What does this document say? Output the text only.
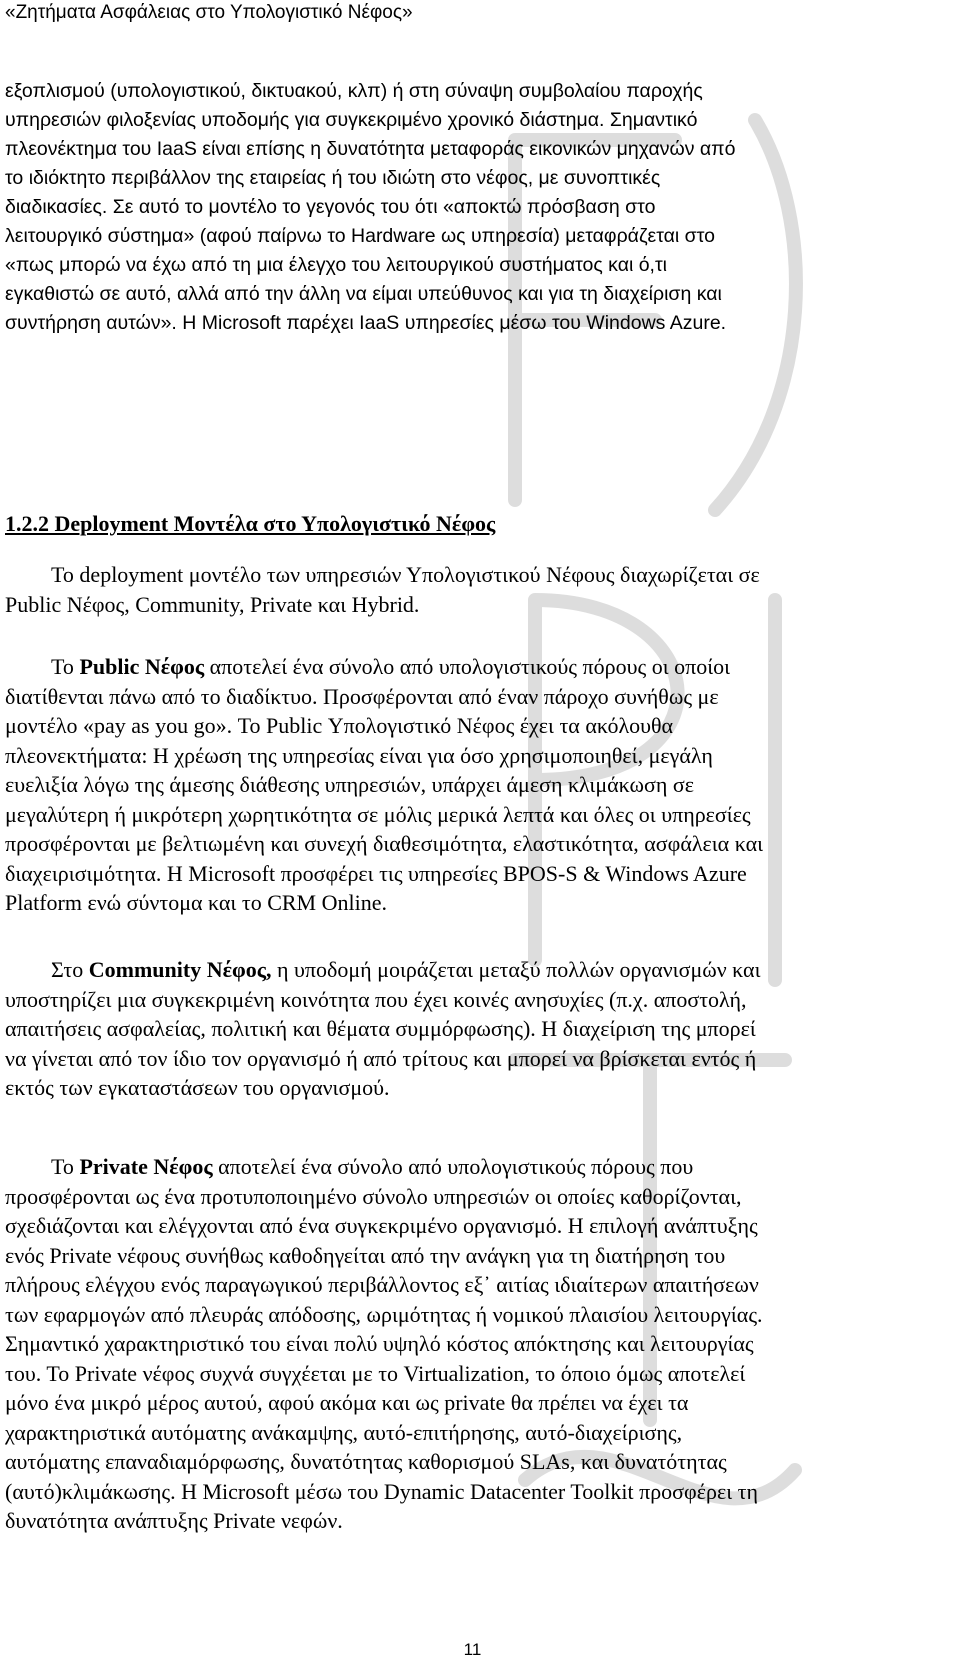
«Ζητήματα Ασφάλειας στο Υπολογιστικό Νέφος»
εξοπλισμού (υπολογιστικού, δικτυακού, κλπ) ή στη σύναψη συμβολαίου παροχής
υπηρεσιών φιλοξενίας υποδομής για συγκεκριμένο χρονικό διάστημα. Σημαντικό
πλεονέκτημα του IaaS είναι επίσης η δυνατότητα μεταφοράς εικονικών μηχανών από
το ιδιόκτητο περιβάλλον της εταιρείας ή του ιδιώτη στο νέφος, με συνοπτικές
διαδικασίες. Σε αυτό το μοντέλο το γεγονός του ότι «αποκτώ πρόσβαση στο
λειτουργικό σύστημα» (αφού παίρνω το Hardware ως υπηρεσία) μεταφράζεται στο
«πως μπορώ να έχω από τη μια έλεγχο του λειτουργικού συστήματος και ό,τι
εγκαθιστώ σε αυτό, αλλά από την άλλη να είμαι υπεύθυνος και για τη διαχείριση και
συντήρηση αυτών». Η Microsoft παρέχει IaaS υπηρεσίες μέσω του Windows Azure.
1.2.2 Deployment Μοντέλα στο Υπολογιστικό Νέφος
Το deployment μοντέλο των υπηρεσιών Υπολογιστικού Νέφους διαχωρίζεται σε
Public Νέφος, Community, Private και Hybrid.
Το Public Νέφος αποτελεί ένα σύνολο από υπολογιστικούς πόρους οι οποίοι
διατίθενται πάνω από το διαδίκτυο. Προσφέρονται από έναν πάροχο συνήθως με
μοντέλο «pay as you go». Το Public Υπολογιστικό Νέφος έχει τα ακόλουθα
πλεονεκτήματα: Η χρέωση της υπηρεσίας είναι για όσο χρησιμοποιηθεί, μεγάλη
ευελιξία λόγω της άμεσης διάθεσης υπηρεσιών, υπάρχει άμεση κλιμάκωση σε
μεγαλύτερη ή μικρότερη χωρητικότητα σε μόλις μερικά λεπτά και όλες οι υπηρεσίες
προσφέρονται με βελτιωμένη και συνεχή διαθεσιμότητα, ελαστικότητα, ασφάλεια και
διαχειρισιμότητα. Η Microsoft προσφέρει τις υπηρεσίες BPOS-S & Windows Azure
Platform ενώ σύντομα και το CRM Online.
Στο Community Νέφος, η υποδομή μοιράζεται μεταξύ πολλών οργανισμών και
υποστηρίζει μια συγκεκριμένη κοινότητα που έχει κοινές ανησυχίες (π.χ. αποστολή,
απαιτήσεις ασφαλείας, πολιτική και θέματα συμμόρφωσης). Η διαχείριση της μπορεί
να γίνεται από τον ίδιο τον οργανισμό ή από τρίτους και μπορεί να βρίσκεται εντός ή
εκτός των εγκαταστάσεων του οργανισμού.
Το Private Νέφος αποτελεί ένα σύνολο από υπολογιστικούς πόρους που
προσφέρονται ως ένα προτυποποιημένο σύνολο υπηρεσιών οι οποίες καθορίζονται,
σχεδιάζονται και ελέγχονται από ένα συγκεκριμένο οργανισμό. Η επιλογή ανάπτυξης
ενός Private νέφους συνήθως καθοδηγείται από την ανάγκη για τη διατήρηση του
πλήρους ελέγχου ενός παραγωγικού περιβάλλοντος εξ᾽ αιτίας ιδιαίτερων απαιτήσεων
των εφαρμογών από πλευράς απόδοσης, ωριμότητας ή νομικού πλαισίου λειτουργίας.
Σημαντικό χαρακτηριστικό του είναι πολύ υψηλό κόστος απόκτησης και λειτουργίας
του. Το Private νέφος συχνά συγχέεται με το Virtualization, το όποιο όμως αποτελεί
μόνο ένα μικρό μέρος αυτού, αφού ακόμα και ως private θα πρέπει να έχει τα
χαρακτηριστικά αυτόματης ανάκαμψης, αυτό-επιτήρησης, αυτό-διαχείρισης,
αυτόματης επαναδιαμόρφωσης, δυνατότητας καθορισμού SLAs, και δυνατότητας
(αυτό)κλιμάκωσης. Η Microsoft μέσω του Dynamic Datacenter Toolkit προσφέρει τη
δυνατότητα ανάπτυξης Private νεφών.
11
